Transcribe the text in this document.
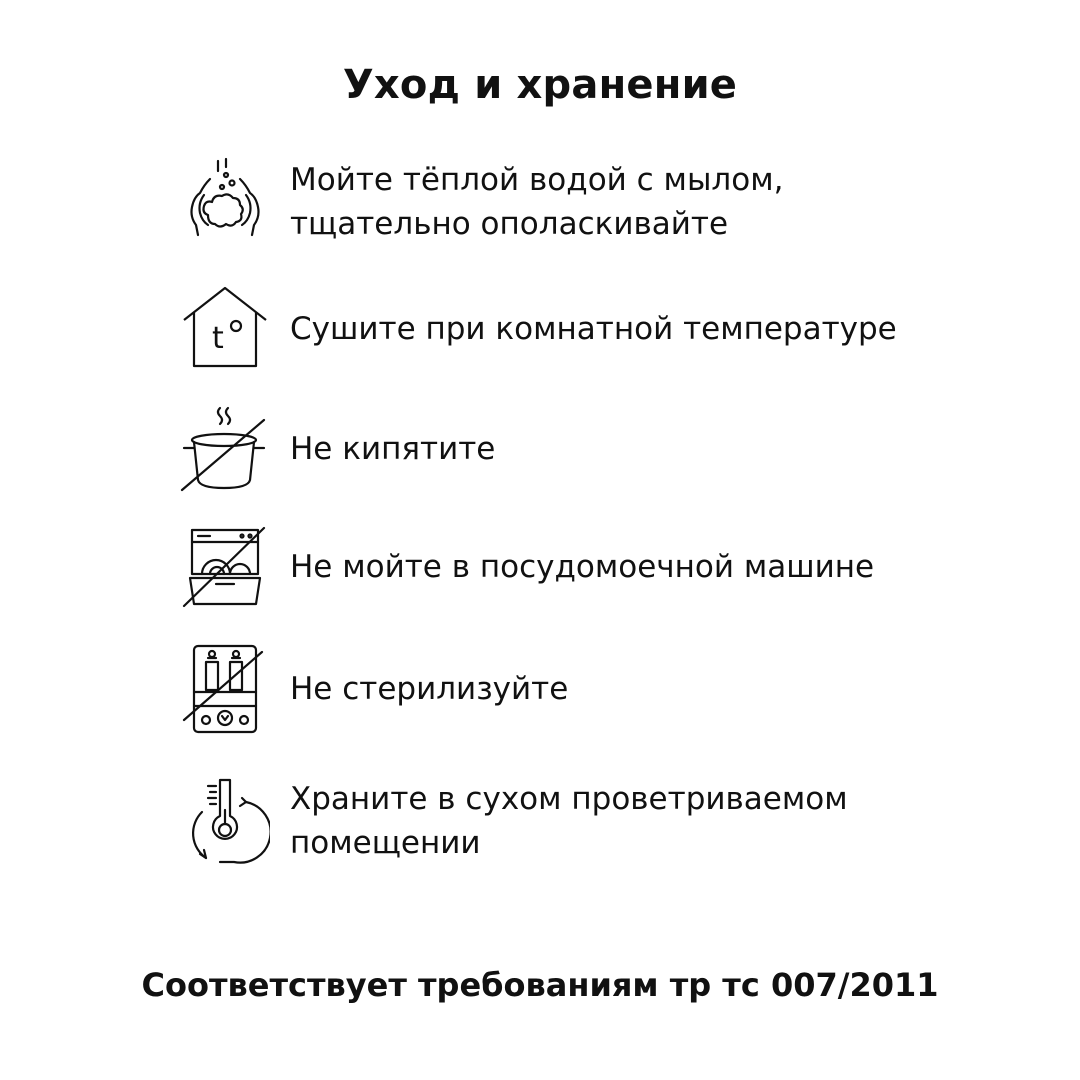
Уход и хранение
Мойте тёплой водой с мылом,
тщательно ополаскивайте
t Сушите при комнатной температуре
Не кипятите
Не мойте в посудомоечной машине
Не стерилизуйте
Храните в сухом проветриваемом
помещении
Соответствует требованиям тр тс 007/2011
